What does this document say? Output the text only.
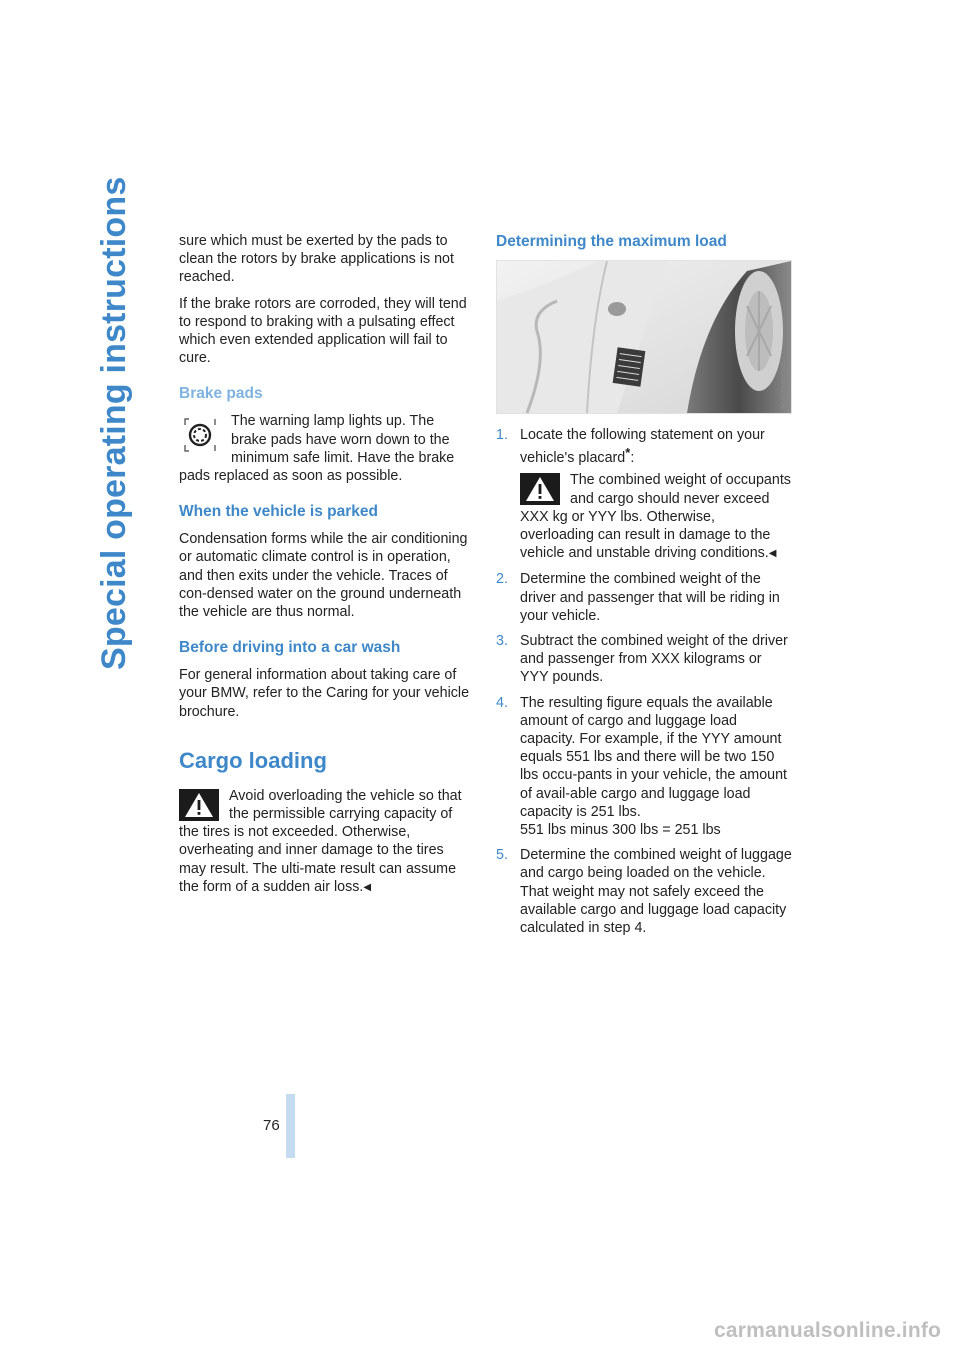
Special operating instructions
76

sure which must be exerted by the pads to clean the rotors by brake applications is not reached.

If the brake rotors are corroded, they will tend to respond to braking with a pulsating effect which even extended application will fail to cure.

Brake pads
The warning lamp lights up. The brake pads have worn down to the minimum safe limit. Have the brake pads replaced as soon as possible.
When the vehicle is parked

Condensation forms while the air conditioning or automatic climate control is in operation, and then exits under the vehicle. Traces of con-densed water on the ground underneath the vehicle are thus normal.

Before driving into a car wash

For general information about taking care of your BMW, refer to the Caring for your vehicle brochure.

Cargo loading
Avoid overloading the vehicle so that the permissible carrying capacity of the tires is not exceeded. Otherwise, overheating and inner damage to the tires may result. The ulti-mate result can assume the form of a sudden air loss.◀
Determining the maximum load
MV07980CMA
1. Locate the following statement on your vehicle's placard*:
The combined weight of occupants and cargo should never exceed XXX kg or YYY lbs. Otherwise, overloading can result in damage to the vehicle and unstable driving conditions.◀
2. Determine the combined weight of the driver and passenger that will be riding in your vehicle.
3. Subtract the combined weight of the driver and passenger from XXX kilograms or YYY pounds.
4. The resulting figure equals the available amount of cargo and luggage load capacity. For example, if the YYY amount equals 551 lbs and there will be two 150 lbs occu-pants in your vehicle, the amount of avail-able cargo and luggage load capacity is 251 lbs.
551 lbs minus 300 lbs = 251 lbs
5. Determine the combined weight of luggage and cargo being loaded on the vehicle. That weight may not safely exceed the available cargo and luggage load capacity calculated in step 4.
carmanualsonline.info
